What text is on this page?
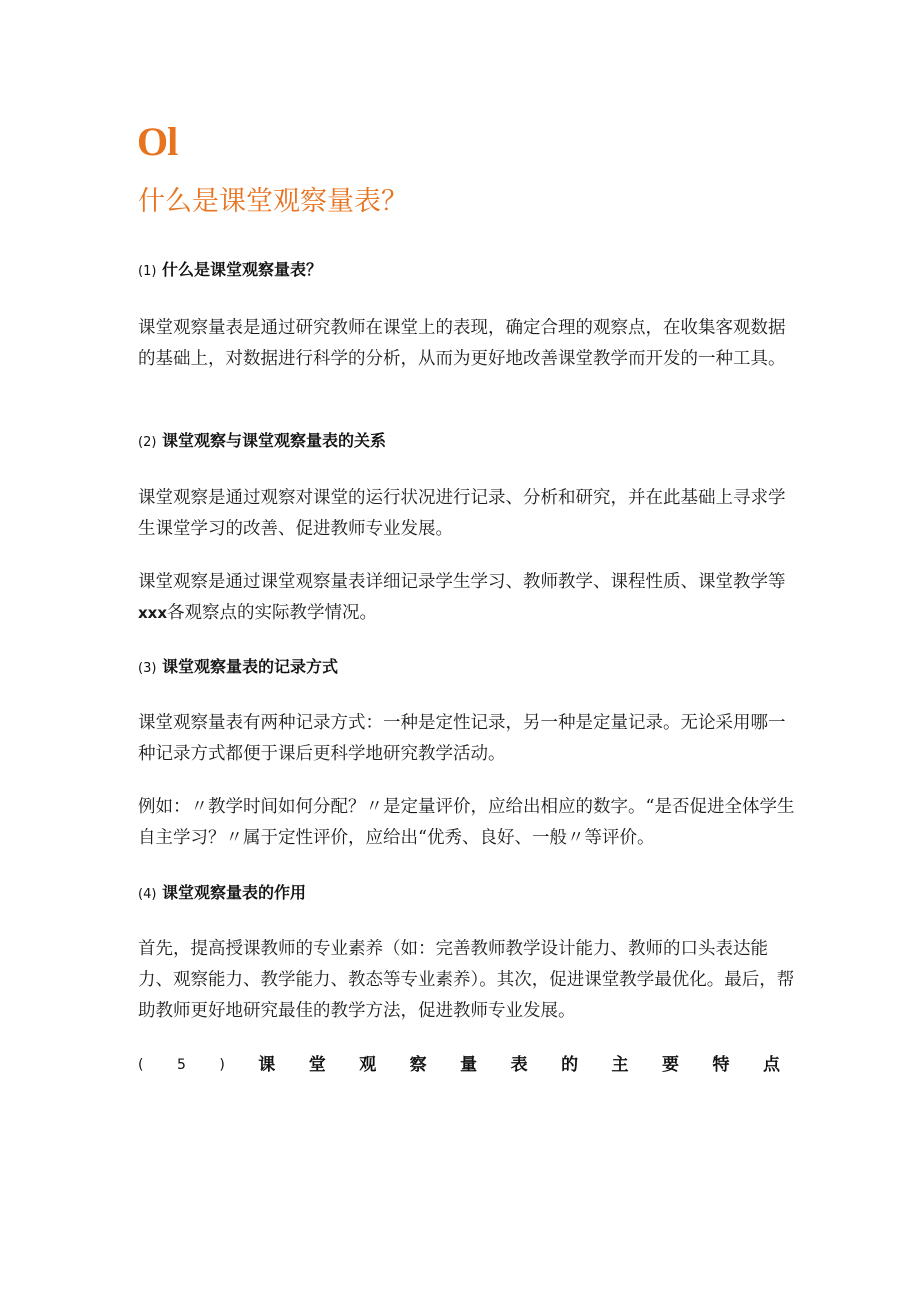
Ol
什么是课堂观察量表？
(1) 什么是课堂观察量表？
课堂观察量表是通过研究教师在课堂上的表现，确定合理的观察点，在收集客观数据的基础上，对数据进行科学的分析，从而为更好地改善课堂教学而开发的一种工具。
(2) 课堂观察与课堂观察量表的关系
课堂观察是通过观察对课堂的运行状况进行记录、分析和研究，并在此基础上寻求学生课堂学习的改善、促进教师专业发展。
课堂观察是通过课堂观察量表详细记录学生学习、教师教学、课程性质、课堂教学等 xxx各观察点的实际教学情况。
(3) 课堂观察量表的记录方式
课堂观察量表有两种记录方式：一种是定性记录，另一种是定量记录。无论采用哪一种记录方式都便于课后更科学地研究教学活动。
例如：〃教学时间如何分配？〃是定量评价，应给出相应的数字。“是否促进全体学生自主学习？〃属于定性评价，应给出“优秀、良好、一般〃等评价。
(4) 课堂观察量表的作用
首先，提高授课教师的专业素养（如：完善教师教学设计能力、教师的口头表达能力、观察能力、教学能力、教态等专业素养）。其次，促进课堂教学最优化。最后，帮助教师更好地研究最佳的教学方法，促进教师专业发展。
( 5 ) 课 堂 观 察 量 表 的 主 要 特 点
